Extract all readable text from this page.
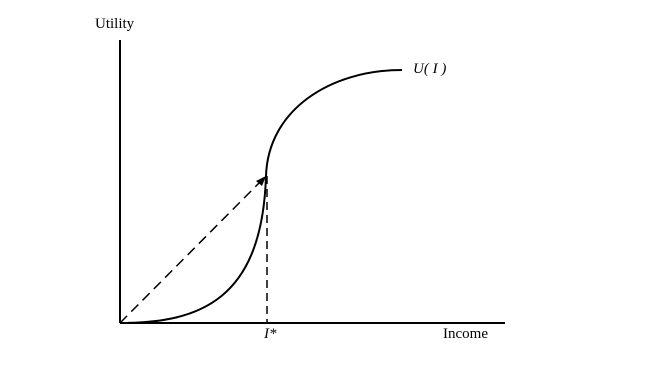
Utility
Income
U( I )
I*
